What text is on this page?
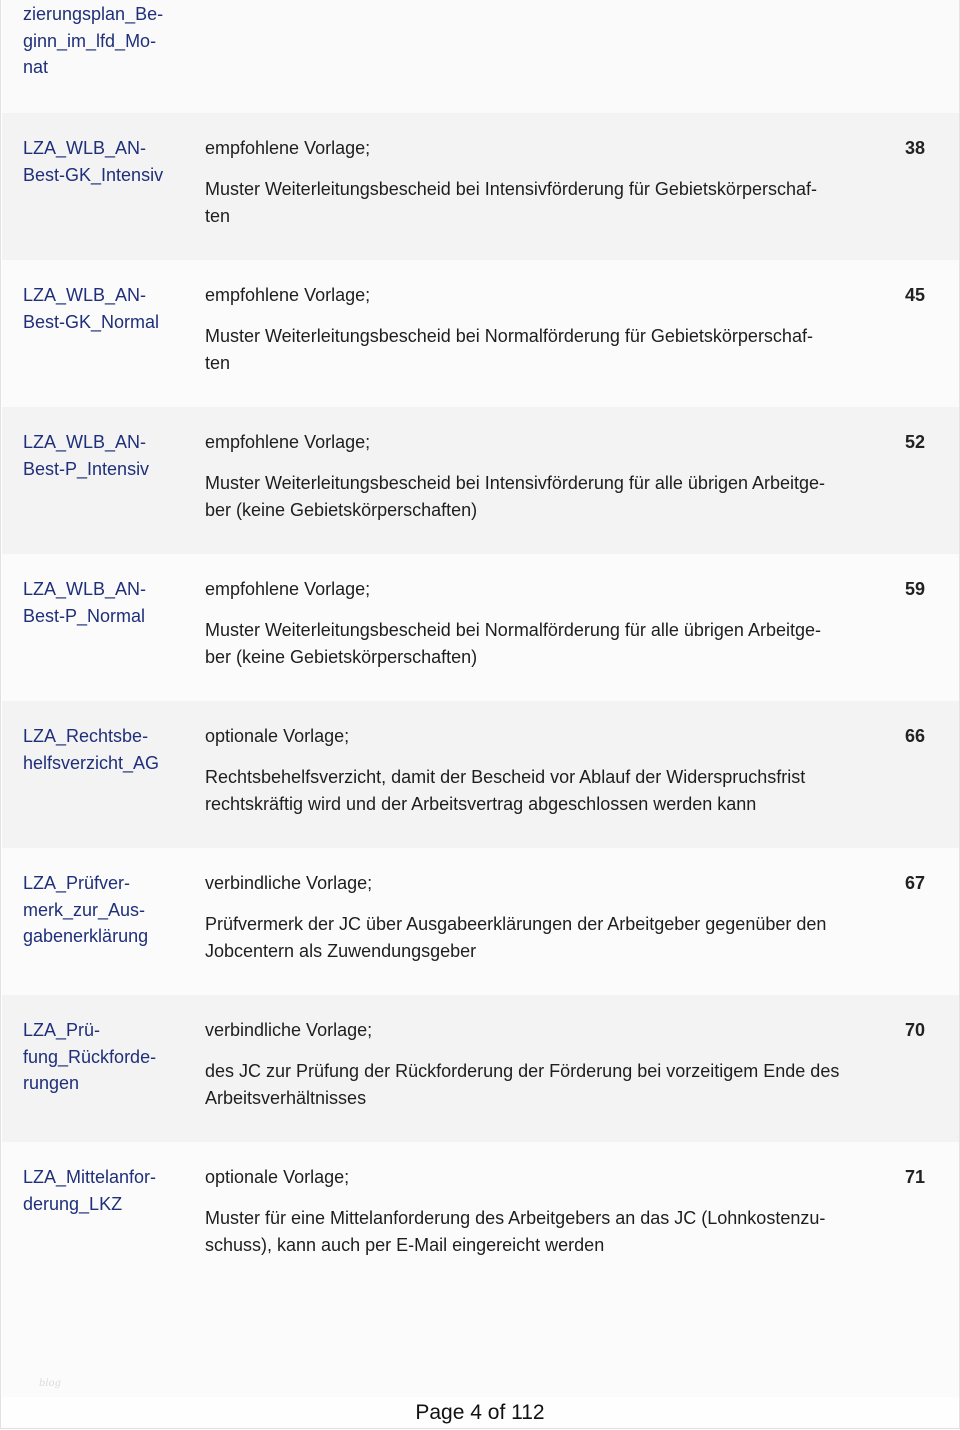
zierungsplan_Be-
ginn_im_lfd_Mo-
nat
LZA_WLB_AN-
Best-GK_Intensiv
empfohlene Vorlage;
Muster Weiterleitungsbescheid bei Intensivförderung für Gebietskörperschaf-
ten
38
LZA_WLB_AN-
Best-GK_Normal
empfohlene Vorlage;
Muster Weiterleitungsbescheid bei Normalförderung für Gebietskörperschaf-
ten
45
LZA_WLB_AN-
Best-P_Intensiv
empfohlene Vorlage;
Muster Weiterleitungsbescheid bei Intensivförderung für alle übrigen Arbeitge-
ber (keine Gebietskörperschaften)
52
LZA_WLB_AN-
Best-P_Normal
empfohlene Vorlage;
Muster Weiterleitungsbescheid bei Normalförderung für alle übrigen Arbeitge-
ber (keine Gebietskörperschaften)
59
LZA_Rechtsbe-
helfsverzicht_AG
optionale Vorlage;
Rechtsbehelfsverzicht, damit der Bescheid vor Ablauf der Widerspruchsfrist
rechtskräftig wird und der Arbeitsvertrag abgeschlossen werden kann
66
LZA_Prüfver-
merk_zur_Aus-
gabenerklärung
verbindliche Vorlage;
Prüfvermerk der JC über Ausgabeerklärungen der Arbeitgeber gegenüber den
Jobcentern als Zuwendungsgeber
67
LZA_Prü-
fung_Rückforde-
rungen
verbindliche Vorlage;
des JC zur Prüfung der Rückforderung der Förderung bei vorzeitigem Ende des
Arbeitsverhältnisses
70
LZA_Mittelanfor-
derung_LKZ
optionale Vorlage;
Muster für eine Mittelanforderung des Arbeitgebers an das JC (Lohnkostenzu-
schuss), kann auch per E-Mail eingereicht werden
71
blog
Page 4 of 112
